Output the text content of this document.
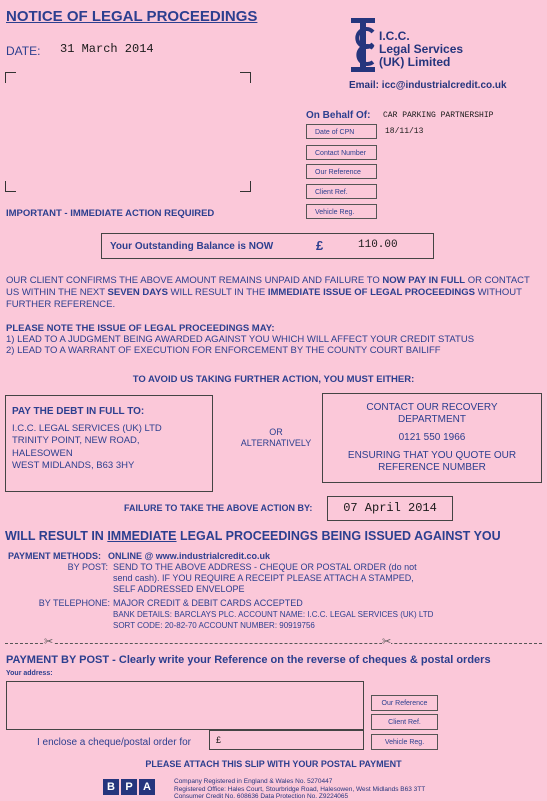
NOTICE OF LEGAL PROCEEDINGS
DATE: 31 March 2014
I.C.C.
Legal Services
(UK) Limited
Email: icc@industrialcredit.co.uk
On Behalf Of: CAR PARKING PARTNERSHIP
Date of CPN	18/11/13
Contact Number
Our Reference
Client Ref.
Vehicle Reg.
IMPORTANT - IMMEDIATE ACTION REQUIRED
Your Outstanding Balance is NOW	£	110.00
OUR CLIENT CONFIRMS THE ABOVE AMOUNT REMAINS UNPAID AND FAILURE TO NOW PAY IN FULL OR CONTACT US WITHIN THE NEXT SEVEN DAYS WILL RESULT IN THE IMMEDIATE ISSUE OF LEGAL PROCEEDINGS WITHOUT FURTHER REFERENCE.
PLEASE NOTE THE ISSUE OF LEGAL PROCEEDINGS MAY:
1) LEAD TO A JUDGMENT BEING AWARDED AGAINST YOU WHICH WILL AFFECT YOUR CREDIT STATUS
2) LEAD TO A WARRANT OF EXECUTION FOR ENFORCEMENT BY THE COUNTY COURT BAILIFF
TO AVOID US TAKING FURTHER ACTION, YOU MUST EITHER:
PAY THE DEBT IN FULL TO:
I.C.C. LEGAL SERVICES (UK) LTD
TRINITY POINT, NEW ROAD,
HALESOWEN
WEST MIDLANDS, B63 3HY
OR
ALTERNATIVELY
CONTACT OUR RECOVERY
DEPARTMENT
0121 550 1966
ENSURING THAT YOU QUOTE OUR
REFERENCE NUMBER
FAILURE TO TAKE THE ABOVE ACTION BY:	07 April 2014
WILL RESULT IN IMMEDIATE LEGAL PROCEEDINGS BEING ISSUED AGAINST YOU
PAYMENT METHODS: ONLINE @ www.industrialcredit.co.uk
BY POST: SEND TO THE ABOVE ADDRESS - CHEQUE OR POSTAL ORDER (do not
send cash). IF YOU REQUIRE A RECEIPT PLEASE ATTACH A STAMPED,
SELF ADDRESSED ENVELOPE
BY TELEPHONE: MAJOR CREDIT & DEBIT CARDS ACCEPTED
BANK DETAILS: BARCLAYS PLC. ACCOUNT NAME: I.C.C. LEGAL SERVICES (UK) LTD
SORT CODE: 20-82-70 ACCOUNT NUMBER: 90919756
✂	✂
PAYMENT BY POST - Clearly write your Reference on the reverse of cheques & postal orders
Your address:
Our Reference
Client Ref.
Vehicle Reg.
I enclose a cheque/postal order for	£
PLEASE ATTACH THIS SLIP WITH YOUR POSTAL PAYMENT
B P A	Company Registered in England & Wales No. 5270447
Registered Office: Hales Court, Stourbridge Road, Halesowen, West Midlands B63 3TT
Consumer Credit No. 608636 Data Protection No. Z9224065
